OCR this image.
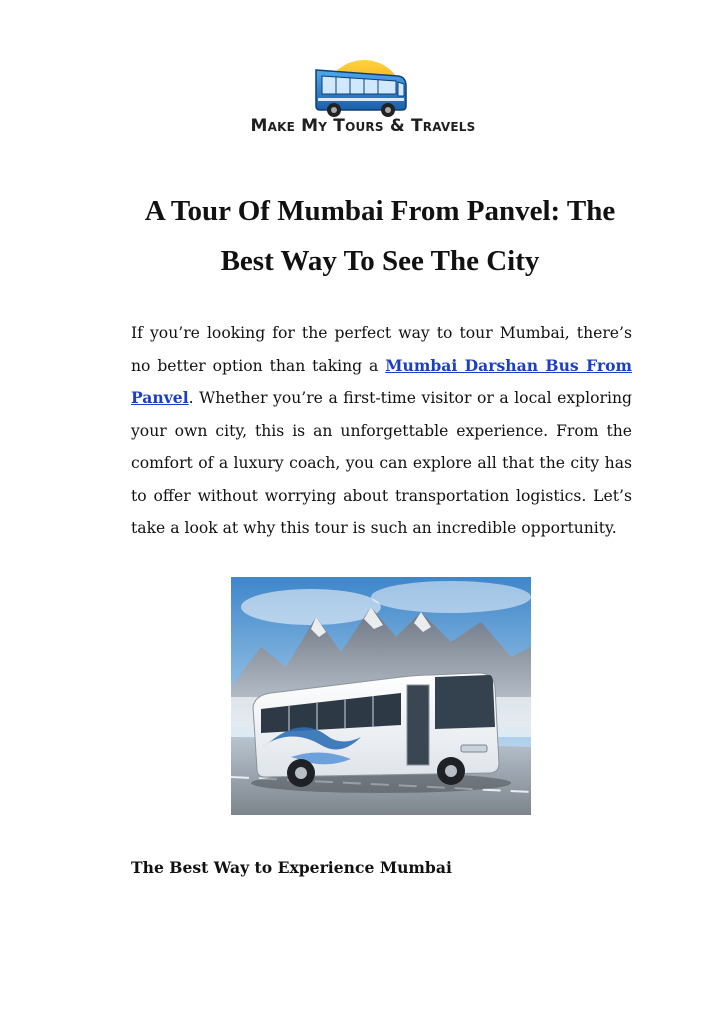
Make My Tours & Travels
A Tour Of Mumbai From Panvel: The
Best Way To See The City
If you’re looking for the perfect way to tour Mumbai, there’s no better option than taking a Mumbai Darshan Bus From Panvel. Whether you’re a first-time visitor or a local exploring your own city, this is an unforgettable experience. From the comfort of a luxury coach, you can explore all that the city has to offer without worrying about transportation logistics. Let’s take a look at why this tour is such an incredible opportunity.
The Best Way to Experience Mumbai
